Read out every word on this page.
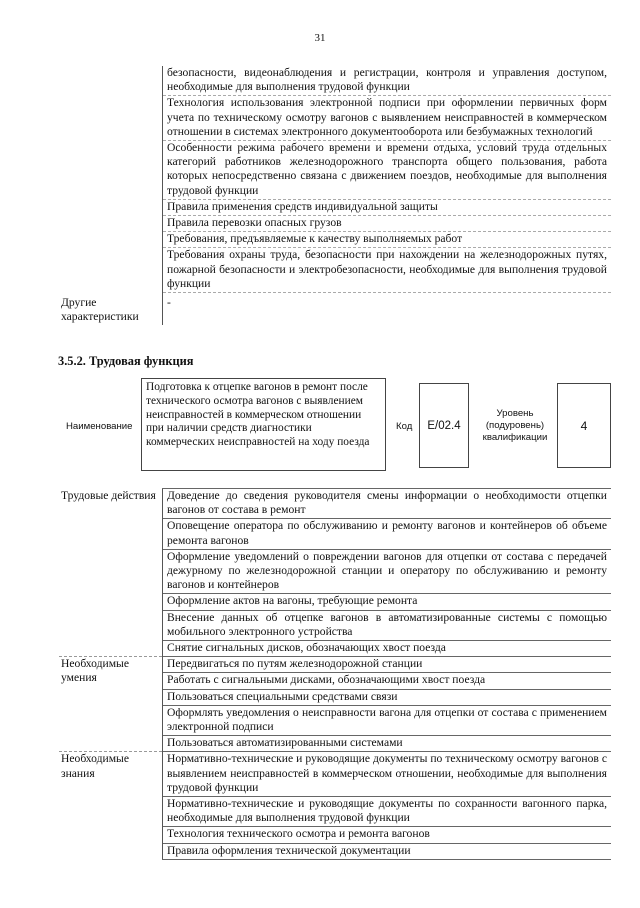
31
	безопасности, видеонаблюдения и регистрации, контроля и управления доступом, необходимые для выполнения трудовой функции
	Технология использования электронной подписи при оформлении первичных форм учета по техническому осмотру вагонов с выявлением неисправностей в коммерческом отношении в системах электронного документооборота или безбумажных технологий
	Особенности режима рабочего времени и времени отдыха, условий труда отдельных категорий работников железнодорожного транспорта общего пользования, работа которых непосредственно связана с движением поездов, необходимые для выполнения трудовой функции
	Правила применения средств индивидуальной защиты
	Правила перевозки опасных грузов
	Требования, предъявляемые к качеству выполняемых работ
	Требования охраны труда, безопасности при нахождении на железнодорожных путях, пожарной безопасности и электробезопасности, необходимые для выполнения трудовой функции
Другие характеристики	-
3.5.2. Трудовая функция
Наименование
Подготовка к отцепке вагонов в ремонт после технического осмотра вагонов с выявлением неисправностей в коммерческом отношении при наличии средств диагностики коммерческих неисправностей на ходу поезда
Код E/02.4
Уровень (подуровень) квалификации
4
Трудовые действия	Доведение до сведения руководителя смены информации о необходимости отцепки вагонов от состава в ремонт
	Оповещение оператора по обслуживанию и ремонту вагонов и контейнеров об объеме ремонта вагонов
	Оформление уведомлений о повреждении вагонов для отцепки от состава с передачей дежурному по железнодорожной станции и оператору по обслуживанию и ремонту вагонов и контейнеров
	Оформление актов на вагоны, требующие ремонта
	Внесение данных об отцепке вагонов в автоматизированные системы с помощью мобильного электронного устройства
	Снятие сигнальных дисков, обозначающих хвост поезда
Необходимые умения	Передвигаться по путям железнодорожной станции
	Работать с сигнальными дисками, обозначающими хвост поезда
	Пользоваться специальными средствами связи
	Оформлять уведомления о неисправности вагона для отцепки от состава с применением электронной подписи
	Пользоваться автоматизированными системами
Необходимые знания	Нормативно-технические и руководящие документы по техническому осмотру вагонов с выявлением неисправностей в коммерческом отношении, необходимые для выполнения трудовой функции
	Нормативно-технические и руководящие документы по сохранности вагонного парка, необходимые для выполнения трудовой функции
	Технология технического осмотра и ремонта вагонов
	Правила оформления технической документации
